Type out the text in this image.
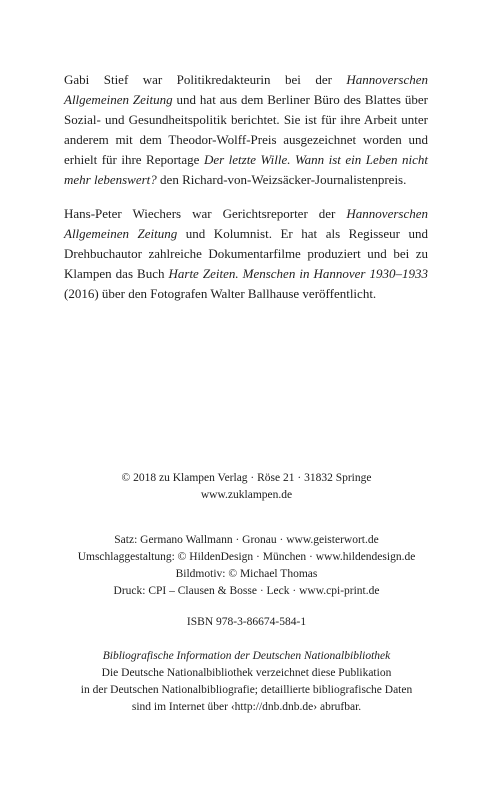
Gabi Stief war Politikredakteurin bei der Hannoverschen Allgemeinen Zeitung und hat aus dem Berliner Büro des Blattes über Sozial- und Gesundheitspolitik berichtet. Sie ist für ihre Arbeit unter anderem mit dem Theodor-Wolff-Preis ausgezeichnet worden und erhielt für ihre Reportage Der letzte Wille. Wann ist ein Leben nicht mehr lebenswert? den Richard-von-Weizsäcker-Journalistenpreis.

Hans-Peter Wiechers war Gerichtsreporter der Hannoverschen Allgemeinen Zeitung und Kolumnist. Er hat als Regisseur und Drehbuchautor zahlreiche Dokumentarfilme produziert und bei zu Klampen das Buch Harte Zeiten. Menschen in Hannover 1930–1933 (2016) über den Fotografen Walter Ballhause veröffentlicht.

© 2018 zu Klampen Verlag · Röse 21 · 31832 Springe

www.zuklampen.de

Satz: Germano Wallmann · Gronau · www.geisterwort.de

Umschlaggestaltung: © HildenDesign · München · www.hildendesign.de

Bildmotiv: © Michael Thomas

Druck: CPI – Clausen & Bosse · Leck · www.cpi-print.de

ISBN 978-3-86674-584-1

Bibliografische Information der Deutschen Nationalbibliothek

Die Deutsche Nationalbibliothek verzeichnet diese Publikation

in der Deutschen Nationalbibliografie; detaillierte bibliografische Daten

sind im Internet über ‹http://dnb.dnb.de› abrufbar.
